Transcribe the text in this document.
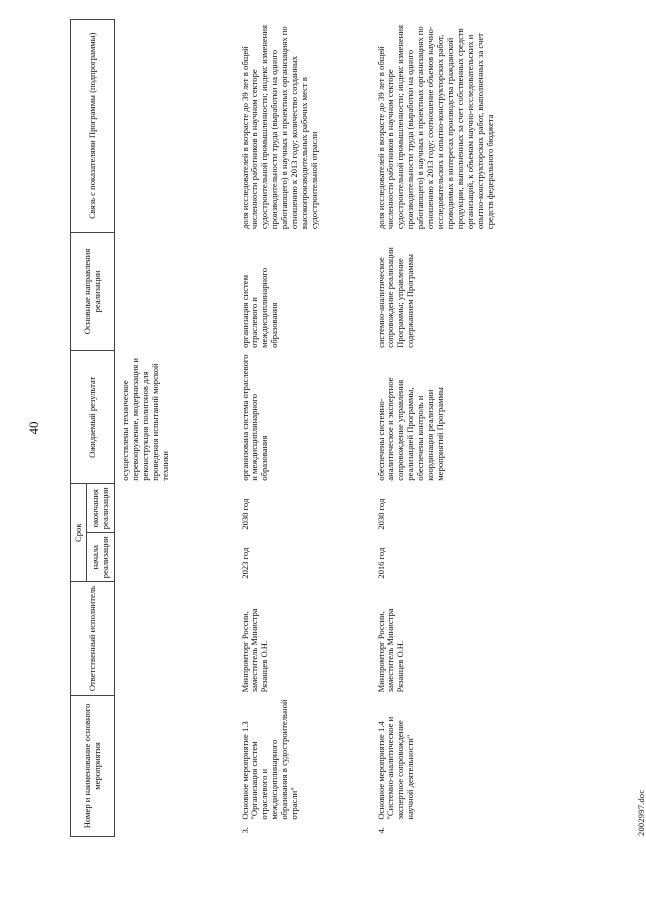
40
Номер и наименование основного мероприятия		Ответственный исполнитель	Срок		Ожидаемый результат	Основные направления реализации	Связь с показателями Программы (подпрограммы)
			начала реализации	окончания реализации			
					осуществлены техническое перевооружение, модернизация и реконструкция полигонов для проведения испытаний морской техники		
3.	Основное мероприятие 1.3 "Организация систем отраслевого и междисциплинарного образования в судостроительной отрасли"	Минпромторг России, заместитель Министра Рязанцев О.Н.	2023 год	2030 год	организована система отраслевого и междисциплинарного образования	организация систем отраслевого и междисциплинарного образования	доля исследователей в возрасте до 39 лет в общей численности работников в научном секторе судостроительной промышленности; индекс изменения производительности труда (выработки на одного работающего) в научных и проектных организациях по отношению к 2013 году; количество созданных высокопроизводительных рабочих мест в судостроительной отрасли
4.	Основное мероприятие 1.4 "Системно-аналитическое и экспертное сопровождение научной деятельности"	Минпромторг России, заместитель Министра Рязанцев О.Н.	2016 год	2030 год	обеспечены системно-аналитическое и экспертное сопровождение управления реализацией Программы, обеспечены контроль и координация реализации мероприятий Программы	системно-аналитическое сопровождение реализации Программы; управление содержанием Программы	доля исследователей в возрасте до 39 лет в общей численности работников в научном секторе судостроительной промышленности; индекс изменения производительности труда (выработки на одного работающего) в научных и проектных организациях по отношению к 2013 году; соотношение объемов научно-исследовательских и опытно-конструкторских работ, проводимых в интересах производства гражданской продукции, выполненных за счет собственных средств организаций, к объемам научно-исследовательских и опытно-конструкторских работ, выполненных за счет средств федерального бюджета
2002997.doc
